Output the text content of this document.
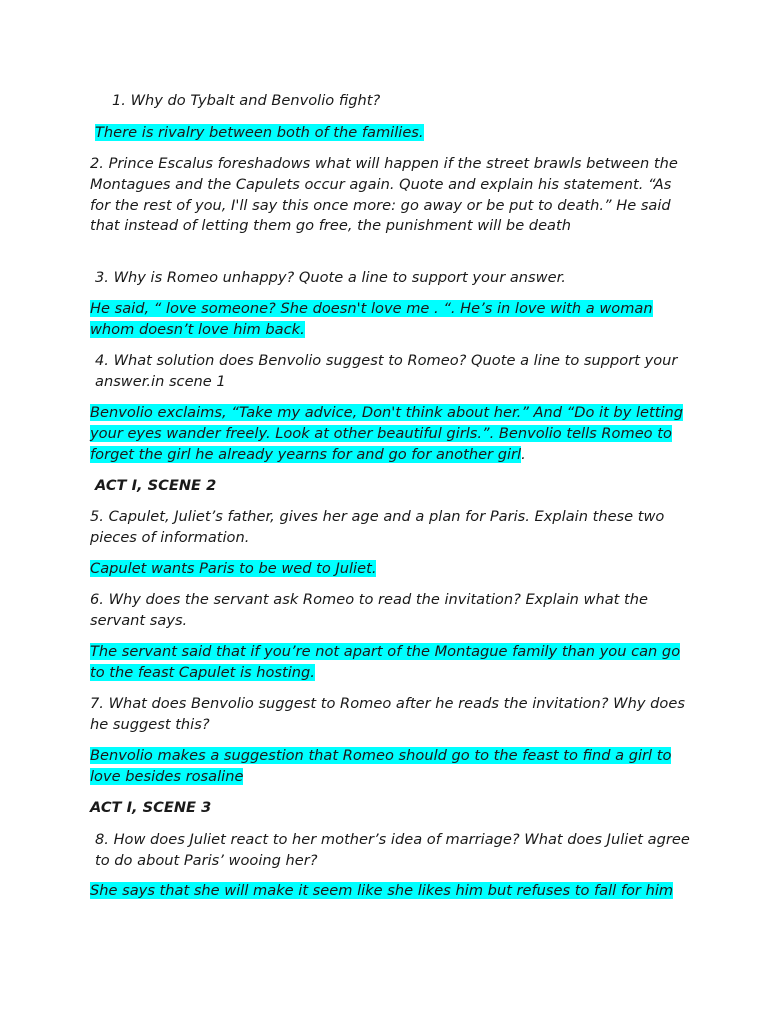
1. Why do Tybalt and Benvolio fight?

There is rivalry between both of the families.

2. Prince Escalus foreshadows what will happen if the street brawls between the Montagues and the Capulets occur again. Quote and explain his statement. “As for the rest of you, I'll say this once more: go away or be put to death.” He said that instead of letting them go free, the punishment will be death

3. Why is Romeo unhappy? Quote a line to support your answer.

He said, “ love someone? She doesn't love me . “. He’s in love with a woman whom doesn’t love him back.

4. What solution does Benvolio suggest to Romeo? Quote a line to support your answer.in scene 1

Benvolio exclaims, “Take my advice, Don't think about her.” And “Do it by letting your eyes wander freely. Look at other beautiful girls.”. Benvolio tells Romeo to forget the girl he already yearns for and go for another girl.

ACT I, SCENE 2

5. Capulet, Juliet’s father, gives her age and a plan for Paris. Explain these two pieces of information.

Capulet wants Paris to be wed to Juliet.

6. Why does the servant ask Romeo to read the invitation? Explain what the servant says.

The servant said that if you’re not apart of the Montague family than you can go to the feast Capulet is hosting.

7. What does Benvolio suggest to Romeo after he reads the invitation? Why does he suggest this?

Benvolio makes a suggestion that Romeo should go to the feast to find a girl to love besides rosaline

ACT I, SCENE 3

8. How does Juliet react to her mother’s idea of marriage? What does Juliet agree to do about Paris’ wooing her?

She says that she will make it seem like she likes him but refuses to fall for him
